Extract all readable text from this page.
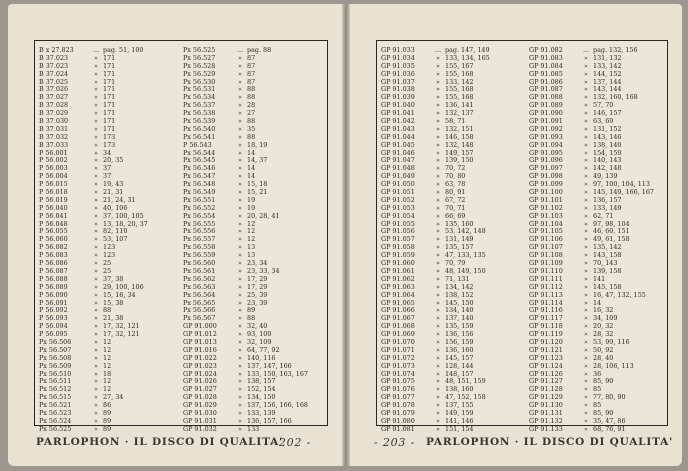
B x 27.823	... pag. 51, 100
B 37.023	» 171
B 37.023	» 171
B 37.024	» 171
B 37.025	» 171
B 37.026	» 171
B 37.027	» 171
B 37.028	» 171
B 37.029	» 171
B 37.030	» 171
B 37.031	» 171
B 37.032	» 173
B 37.033	» 173
P 56.001	» 34
P 56.002	» 20, 35
P 56.003	» 37
P 56.004	» 37
P 56.015	» 19, 43
P 56.018	» 21, 31
P 56.019	» 21, 24, 31
P 56.040	» 40, 106
P 56.041	» 37, 100, 105
P 56.048	» 13, 18, 20, 37
P 56.055	» 82, 110
P 56.060	» 53, 107
P 56.082	» 123
P 56.083	» 123
P 56.086	» 25
P 56.087	» 25
P 56.088	» 37, 38
P 56.089	» 29, 100, 106
P 56.090	» 15, 18, 34
P 56.091	» 15, 38
P 56.092	» 88
P 56.093	» 21, 38
P 56.094	» 17, 32, 121
P 56.095	» 17, 32, 121
Px 56.506	» 12
Px 56.507	» 12
Px 56.508	» 12
Px 56.509	» 12
Px 56.510	» 18
Px 56.511	» 12
Px 56.512	» 12
Px 56.515	» 27, 34
Px 56.521	» 86
Px 56.523	» 89
Px 56.524	» 89
Px 56.525	» 89
Px 56.525	... pag. 88
Px 56.527	» 87
Px 56.528	» 87
Px 56.529	» 87
Px 56.530	» 87
Px 56.531	» 88
Px 56.534	» 88
Px 56.537	» 28
Px 56.538	» 27
Px 56.539	» 88
Px 56.540	» 35
Px 56.541	» 88
P 56.543	» 18, 19
Px 56.544	» 14
Px 56.545	» 14, 37
Px 56.546	» 14
Px 56.547	» 14
Px 56.548	» 15, 18
Px 56.549	» 15, 21
Px 56.551	» 19
Px 56.552	» 19
Px 56.554	» 20, 28, 41
Px 56.555	» 12
Px 56.556	» 12
Px 56.557	» 12
Px 56.558	» 13
Px 56.559	» 13
Px 56.560	» 23, 34
Px 56.561	» 23, 33, 34
Px 56.562	» 17, 29
Px 56.563	» 17, 29
Px 56.564	» 25, 39
Px 56.565	» 23, 39
Px 56.566	» 89
Px 56.567	» 88
GP 91.000	» 32, 40
GP 91.012	» 93, 100
GP 91.013	» 32, 109
GP 91.016	» 64, 77, 92
GP 91.022	» 140, 116
GP 91.023	» 137, 147, 166
GP 91.024	» 133, 150, 163, 167
GP 91.026	» 138, 157
GP 91.027	» 152, 154
GP 91.028	» 134, 150
GP 91.029	» 137, 156, 166, 168
GP 91.030	» 133, 139
GP 91.031	» 136, 157, 166
GP 91.032	» 133
PARLOPHON · IL DISCO DI QUALITA'
- 202 -
GP 91.033	... pag. 147, 149
GP 91.034	» 133, 134, 165
GP 91.035	» 155, 167
GP 91.036	» 155, 168
GP 91.037	» 133, 142
GP 91.038	» 155, 168
GP 91.039	» 155, 168
GP 91.040	» 136, 141
GP 91.041	» 132, 137
GP 91.042	» 58, 71
GP 91.043	» 132, 151
GP 91.044	» 146, 158
GP 91.045	» 132, 148
GP 91.046	» 149, 157
GP 91.047	» 139, 150
GP 91.048	» 70, 72
GP 91.049	» 70, 80
GP 91.050	» 63, 78
GP 91.051	» 80, 91
GP 91.052	» 67, 72
GP 91.053	» 70, 71
GP 91.054	» 66, 69
GP 91.055	» 135, 160
GP 91.056	» 53, 142, 148
GP 91.057	» 131, 149
GP 91.058	» 135, 157
GP 91.059	» 47, 133, 135
GP 91.060	» 70, 79
GP 91.061	» 48, 149, 150
GP 91.062	» 71, 131
GP 91.063	» 134, 142
GP 91.064	» 138, 152
GP 91.065	» 145, 150
GP 91.066	» 134, 140
GP 91.067	» 137, 140
GP 91.068	» 135, 159
GP 91.069	» 136, 156
GP 91.070	» 156, 159
GP 91.071	» 136, 160
GP 91.072	» 145, 157
GP 91.073	» 128, 144
GP 91.074	» 148, 157
GP 91.075	» 48, 151, 159
GP 91.076	» 138, 160
GP 91.077	» 47, 152, 158
GP 91.078	» 137, 155
GP 91.079	» 149, 159
GP 91.080	» 141, 146
GP 91.081	» 151, 154
GP 91.082	... pag. 132, 156
GP 91.083	» 131, 132
GP 91.084	» 133, 142
GP 91.085	» 144, 152
GP 91.086	» 137, 144
GP 91.087	» 143, 144
GP 91.088	» 132, 160, 168
GP 91.089	» 57, 70
GP 91.090	» 146, 157
GP 91.091	» 63, 69
GP 91.092	» 131, 152
GP 91.093	» 143, 146
GP 91.094	» 138, 140
GP 91.095	» 154, 159
GP 91.096	» 140, 143
GP 91.097	» 142, 148
GP 91.098	» 49, 139
GP 91.099	» 97, 100, 104, 113
GP 91.100	» 145, 149, 166, 167
GP 91.101	» 136, 157
GP 91.102	» 133, 149
GP 91.103	» 62, 71
GP 91.104	» 97, 98, 104
GP 91.105	» 46, 60, 151
GP 91.106	» 49, 61, 158
GP 91.107	» 135, 142
GP 91.108	» 143, 158
GP 91.109	» 70, 143
GP 91.110	» 139, 158
GP 91.111	» 141
GP 91.112	» 145, 158
GP 91.113	» 16, 47, 132, 155
GP 91.114	» 14
GP 91.116	» 16, 32
GP 91.117	» 34, 109
GP 91.118	» 20, 32
GP 91.119	» 28, 32
GP 91.120	» 53, 99, 116
GP 91.121	» 50, 92
GP 91.123	» 28, 40
GP 91.124	» 28, 106, 113
GP 91.126	» 36
GP 91.127	» 85, 90
GP 91.128	» 85
GP 91.129	» 77, 80, 90
GP 91.130	» 85
GP 91.131	» 85, 90
GP 91.132	» 35, 47, 86
GP 91.133	» 68, 76, 91
- 203 - PARLOPHON · IL DISCO DI QUALITA'
